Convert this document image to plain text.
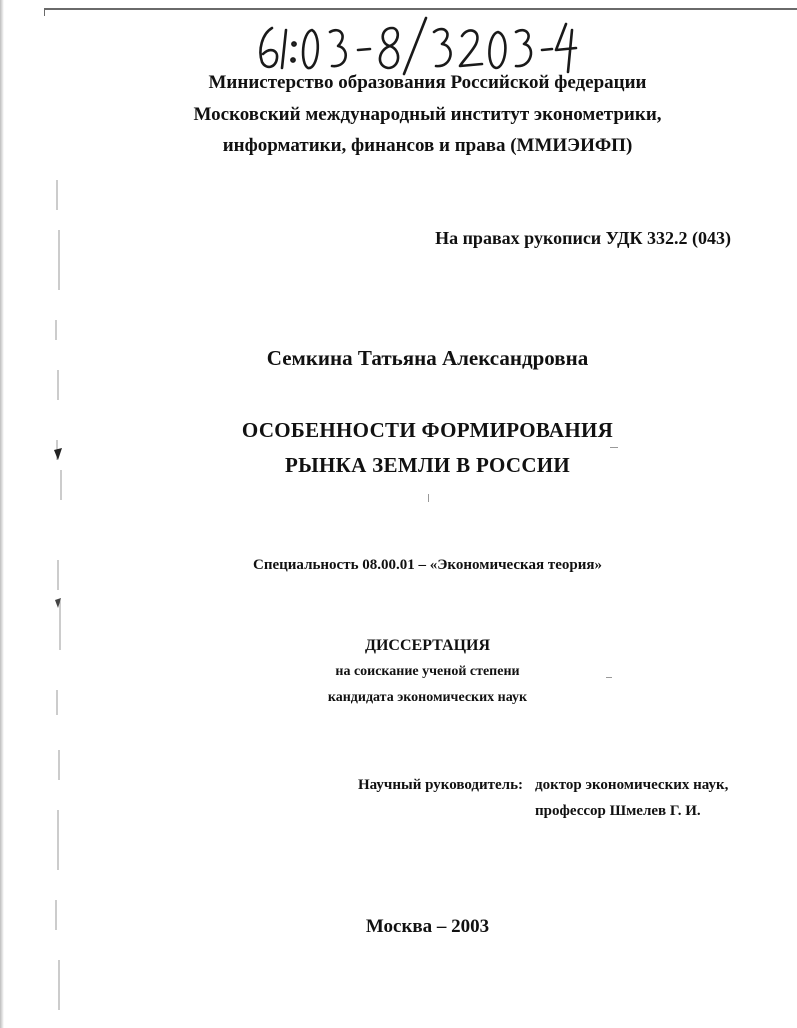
Министерство образования Российской федерации
Московский международный институт эконометрики,
информатики, финансов и права (ММИЭИФП)
На правах рукописи УДК 332.2 (043)
Семкина Татьяна Александровна
ОСОБЕННОСТИ ФОРМИРОВАНИЯ
РЫНКА ЗЕМЛИ В РОССИИ
Специальность 08.00.01 – «Экономическая теория»
ДИССЕРТАЦИЯ
на соискание ученой степени
кандидата экономических наук
Научный руководитель: доктор экономических наук,
профессор Шмелев Г. И.
Москва – 2003
